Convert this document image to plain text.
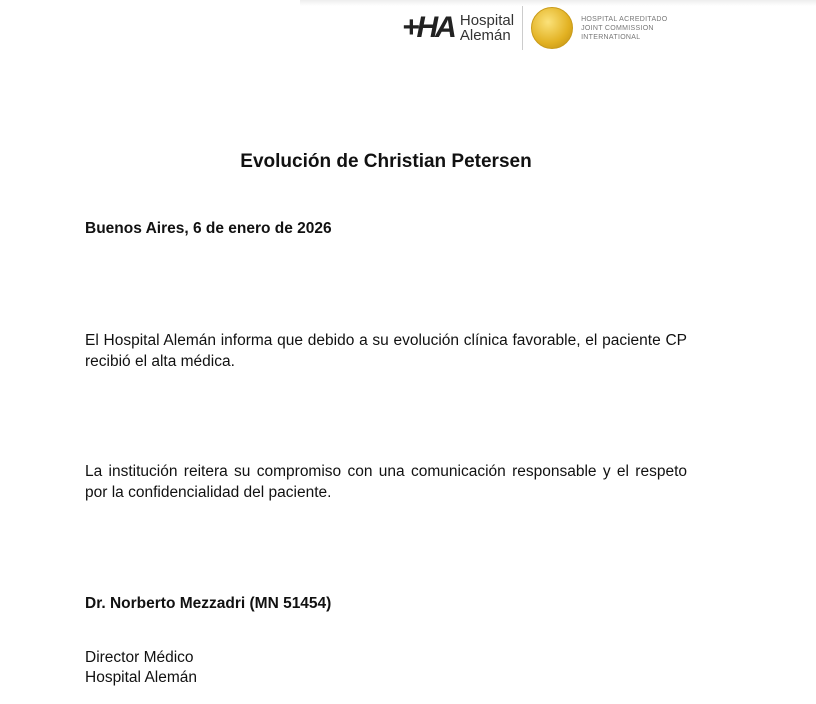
+HA Hospital
Alemán
HOSPITAL ACREDITADO
JOINT COMMISSION
INTERNATIONAL
Evolución de Christian Petersen
Buenos Aires, 6 de enero de 2026
El Hospital Alemán informa que debido a su evolución clínica favorable, el paciente CP recibió el alta médica.
La institución reitera su compromiso con una comunicación responsable y el respeto por la confidencialidad del paciente.
Dr. Norberto Mezzadri (MN 51454)
Director Médico
Hospital Alemán
